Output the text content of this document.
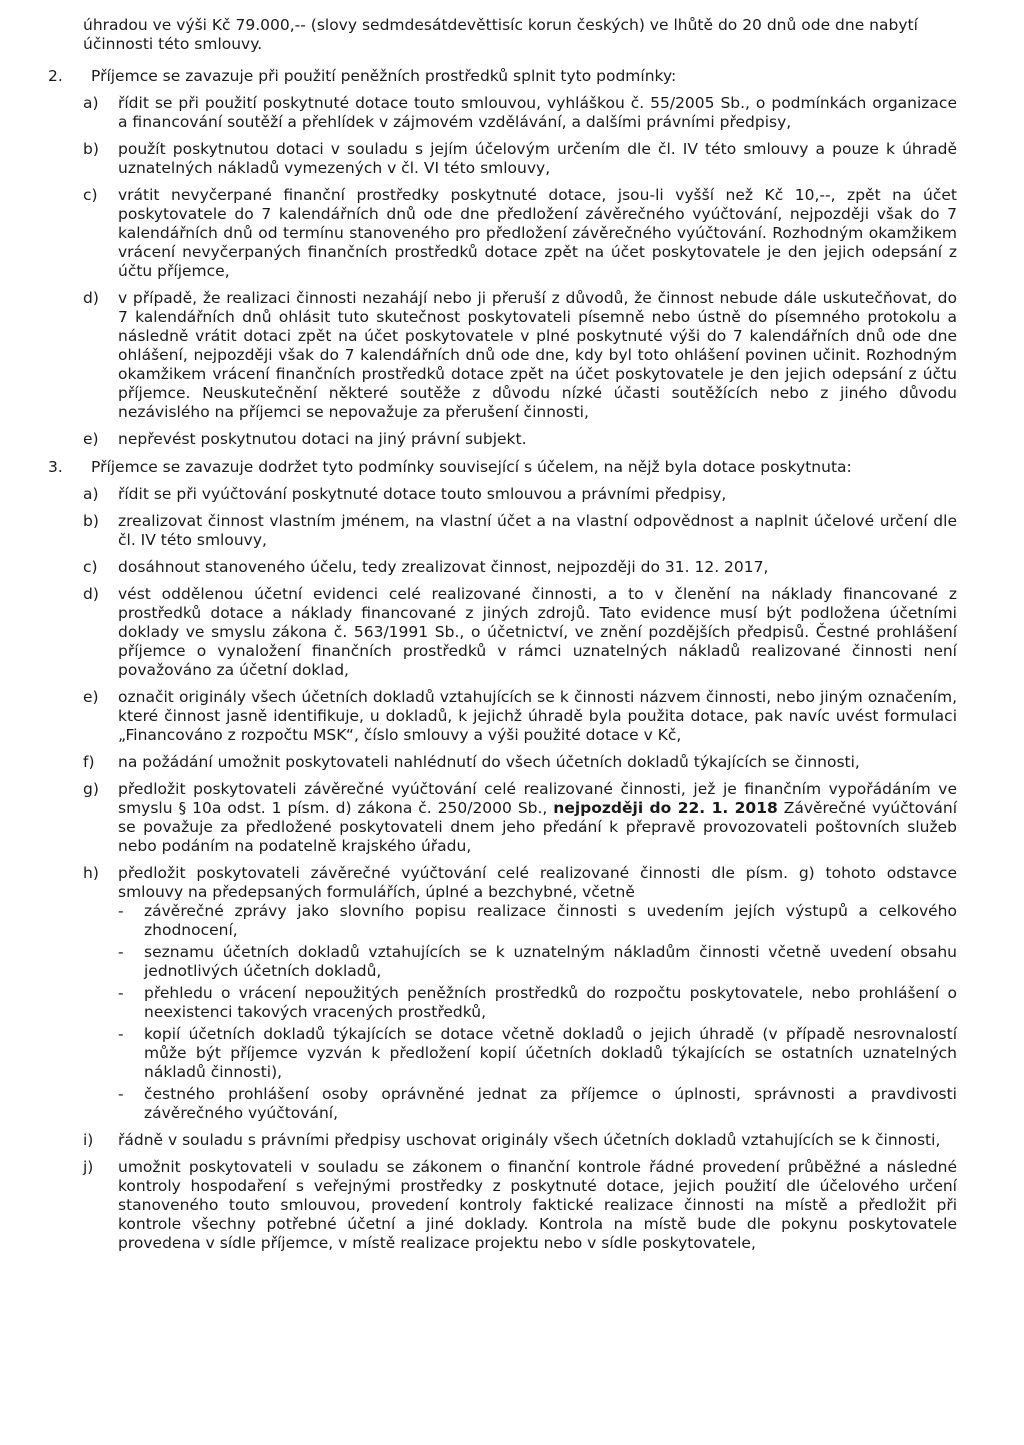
úhradou ve výši Kč 79.000,-- (slovy sedmdesátdevěttisíc korun českých) ve lhůtě do 20 dnů ode dne nabytí účinnosti této smlouvy.

2. Příjemce se zavazuje při použití peněžních prostředků splnit tyto podmínky:
a) řídit se při použití poskytnuté dotace touto smlouvou, vyhláškou č. 55/2005 Sb., o podmínkách organizace a financování soutěží a přehlídek v zájmovém vzdělávání, a dalšími právními předpisy,
b) použít poskytnutou dotaci v souladu s jejím účelovým určením dle čl. IV této smlouvy a pouze k úhradě uznatelných nákladů vymezených v čl. VI této smlouvy,
c) vrátit nevyčerpané finanční prostředky poskytnuté dotace, jsou-li vyšší než Kč 10,--, zpět na účet poskytovatele do 7 kalendářních dnů ode dne předložení závěrečného vyúčtování, nejpozději však do 7 kalendářních dnů od termínu stanoveného pro předložení závěrečného vyúčtování. Rozhodným okamžikem vrácení nevyčerpaných finančních prostředků dotace zpět na účet poskytovatele je den jejich odepsání z účtu příjemce,
d) v případě, že realizaci činnosti nezahájí nebo ji přeruší z důvodů, že činnost nebude dále uskutečňovat, do 7 kalendářních dnů ohlásit tuto skutečnost poskytovateli písemně nebo ústně do písemného protokolu a následně vrátit dotaci zpět na účet poskytovatele v plné poskytnuté výši do 7 kalendářních dnů ode dne ohlášení, nejpozději však do 7 kalendářních dnů ode dne, kdy byl toto ohlášení povinen učinit. Rozhodným okamžikem vrácení finančních prostředků dotace zpět na účet poskytovatele je den jejich odepsání z účtu příjemce. Neuskutečnění některé soutěže z důvodu nízké účasti soutěžících nebo z jiného důvodu nezávislého na příjemci se nepovažuje za přerušení činnosti,
e) nepřevést poskytnutou dotaci na jiný právní subjekt.
3. Příjemce se zavazuje dodržet tyto podmínky související s účelem, na nějž byla dotace poskytnuta:
a) řídit se při vyúčtování poskytnuté dotace touto smlouvou a právními předpisy,
b) zrealizovat činnost vlastním jménem, na vlastní účet a na vlastní odpovědnost a naplnit účelové určení dle čl. IV této smlouvy,
c) dosáhnout stanoveného účelu, tedy zrealizovat činnost, nejpozději do 31. 12. 2017,
d) vést oddělenou účetní evidenci celé realizované činnosti, a to v členění na náklady financované z prostředků dotace a náklady financované z jiných zdrojů. Tato evidence musí být podložena účetními doklady ve smyslu zákona č. 563/1991 Sb., o účetnictví, ve znění pozdějších předpisů. Čestné prohlášení příjemce o vynaložení finančních prostředků v rámci uznatelných nákladů realizované činnosti není považováno za účetní doklad,
e) označit originály všech účetních dokladů vztahujících se k činnosti názvem činnosti, nebo jiným označením, které činnost jasně identifikuje, u dokladů, k jejichž úhradě byla použita dotace, pak navíc uvést formulaci „Financováno z rozpočtu MSK“, číslo smlouvy a výši použité dotace v Kč,
f) na požádání umožnit poskytovateli nahlédnutí do všech účetních dokladů týkajících se činnosti,
g) předložit poskytovateli závěrečné vyúčtování celé realizované činnosti, jež je finančním vypořádáním ve smyslu § 10a odst. 1 písm. d) zákona č. 250/2000 Sb., nejpozději do 22. 1. 2018 Závěrečné vyúčtování se považuje za předložené poskytovateli dnem jeho předání k přepravě provozovateli poštovních služeb nebo podáním na podatelně krajského úřadu,
h) předložit poskytovateli závěrečné vyúčtování celé realizované činnosti dle písm. g) tohoto odstavce smlouvy na předepsaných formulářích, úplné a bezchybné, včetně
- závěrečné zprávy jako slovního popisu realizace činnosti s uvedením jejích výstupů a celkového zhodnocení,
- seznamu účetních dokladů vztahujících se k uznatelným nákladům činnosti včetně uvedení obsahu jednotlivých účetních dokladů,
- přehledu o vrácení nepoužitých peněžních prostředků do rozpočtu poskytovatele, nebo prohlášení o neexistenci takových vracených prostředků,
- kopií účetních dokladů týkajících se dotace včetně dokladů o jejich úhradě (v případě nesrovnalostí může být příjemce vyzván k předložení kopií účetních dokladů týkajících se ostatních uznatelných nákladů činnosti),
- čestného prohlášení osoby oprávněné jednat za příjemce o úplnosti, správnosti a pravdivosti závěrečného vyúčtování,
i) řádně v souladu s právními předpisy uschovat originály všech účetních dokladů vztahujících se k činnosti,
j) umožnit poskytovateli v souladu se zákonem o finanční kontrole řádné provedení průběžné a následné kontroly hospodaření s veřejnými prostředky z poskytnuté dotace, jejich použití dle účelového určení stanoveného touto smlouvou, provedení kontroly faktické realizace činnosti na místě a předložit při kontrole všechny potřebné účetní a jiné doklady. Kontrola na místě bude dle pokynu poskytovatele provedena v sídle příjemce, v místě realizace projektu nebo v sídle poskytovatele,
